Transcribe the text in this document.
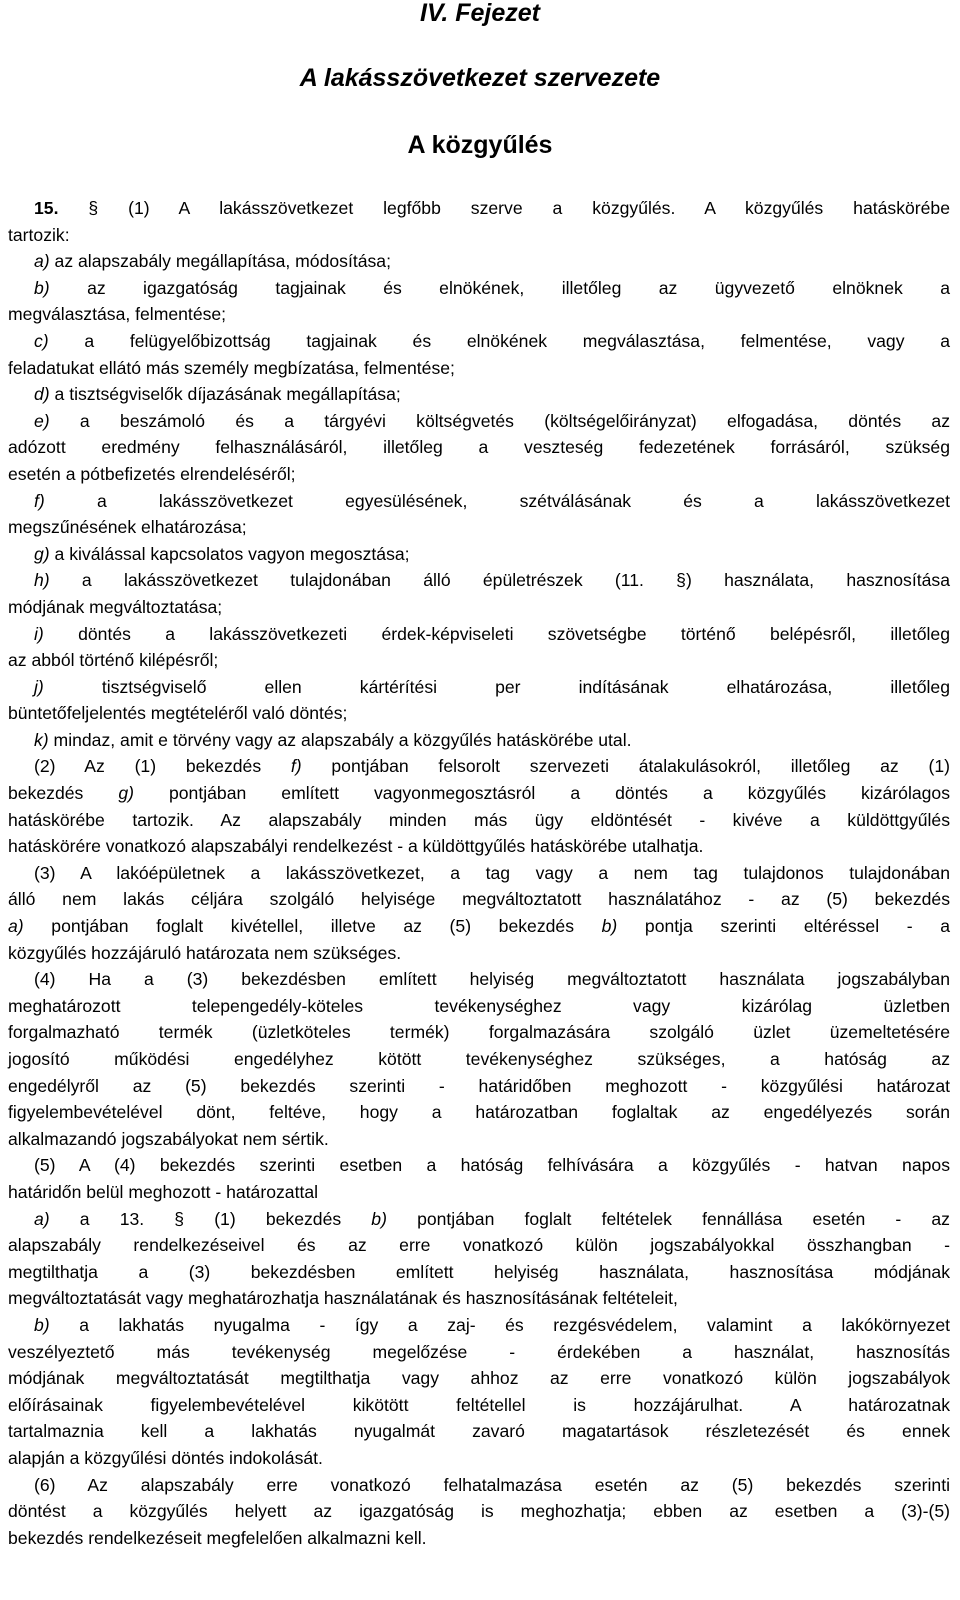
IV. Fejezet
A lakásszövetkezet szervezete
A közgyűlés
15. § (1) A lakásszövetkezet legfőbb szerve a közgyűlés. A közgyűlés hatáskörébe
tartozik:
a) az alapszabály megállapítása, módosítása;
b) az igazgatóság tagjainak és elnökének, illetőleg az ügyvezető elnöknek a
megválasztása, felmentése;
c) a felügyelőbizottság tagjainak és elnökének megválasztása, felmentése, vagy a
feladatukat ellátó más személy megbízatása, felmentése;
d) a tisztségviselők díjazásának megállapítása;
e) a beszámoló és a tárgyévi költségvetés (költségelőirányzat) elfogadása, döntés az
adózott eredmény felhasználásáról, illetőleg a veszteség fedezetének forrásáról, szükség
esetén a pótbefizetés elrendeléséről;
f) a lakásszövetkezet egyesülésének, szétválásának és a lakásszövetkezet
megszűnésének elhatározása;
g) a kiválással kapcsolatos vagyon megosztása;
h) a lakásszövetkezet tulajdonában álló épületrészek (11. §) használata, hasznosítása
módjának megváltoztatása;
i) döntés a lakásszövetkezeti érdek-képviseleti szövetségbe történő belépésről, illetőleg
az abból történő kilépésről;
j) tisztségviselő ellen kártérítési per indításának elhatározása, illetőleg
büntetőfeljelentés megtételéről való döntés;
k) mindaz, amit e törvény vagy az alapszabály a közgyűlés hatáskörébe utal.
(2) Az (1) bekezdés f) pontjában felsorolt szervezeti átalakulásokról, illetőleg az (1)
bekezdés g) pontjában említett vagyonmegosztásról a döntés a közgyűlés kizárólagos
hatáskörébe tartozik. Az alapszabály minden más ügy eldöntését - kivéve a küldöttgyűlés
hatáskörére vonatkozó alapszabályi rendelkezést - a küldöttgyűlés hatáskörébe utalhatja.
(3) A lakóépületnek a lakásszövetkezet, a tag vagy a nem tag tulajdonos tulajdonában
álló nem lakás céljára szolgáló helyisége megváltoztatott használatához - az (5) bekezdés
a) pontjában foglalt kivétellel, illetve az (5) bekezdés b) pontja szerinti eltéréssel - a
közgyűlés hozzájáruló határozata nem szükséges.
(4) Ha a (3) bekezdésben említett helyiség megváltoztatott használata jogszabályban
meghatározott telepengedély-köteles tevékenységhez vagy kizárólag üzletben
forgalmazható termék (üzletköteles termék) forgalmazására szolgáló üzlet üzemeltetésére
jogosító működési engedélyhez kötött tevékenységhez szükséges, a hatóság az
engedélyről az (5) bekezdés szerinti - határidőben meghozott - közgyűlési határozat
figyelembevételével dönt, feltéve, hogy a határozatban foglaltak az engedélyezés során
alkalmazandó jogszabályokat nem sértik.
(5) A (4) bekezdés szerinti esetben a hatóság felhívására a közgyűlés - hatvan napos
határidőn belül meghozott - határozattal
a) a 13. § (1) bekezdés b) pontjában foglalt feltételek fennállása esetén - az
alapszabály rendelkezéseivel és az erre vonatkozó külön jogszabályokkal összhangban -
megtilthatja a (3) bekezdésben említett helyiség használata, hasznosítása módjának
megváltoztatását vagy meghatározhatja használatának és hasznosításának feltételeit,
b) a lakhatás nyugalma - így a zaj- és rezgésvédelem, valamint a lakókörnyezet
veszélyeztető más tevékenység megelőzése - érdekében a használat, hasznosítás
módjának megváltoztatását megtilthatja vagy ahhoz az erre vonatkozó külön jogszabályok
előírásainak figyelembevételével kikötött feltétellel is hozzájárulhat. A határozatnak
tartalmaznia kell a lakhatás nyugalmát zavaró magatartások részletezését és ennek
alapján a közgyűlési döntés indokolását.
(6) Az alapszabály erre vonatkozó felhatalmazása esetén az (5) bekezdés szerinti
döntést a közgyűlés helyett az igazgatóság is meghozhatja; ebben az esetben a (3)-(5)
bekezdés rendelkezéseit megfelelően alkalmazni kell.
